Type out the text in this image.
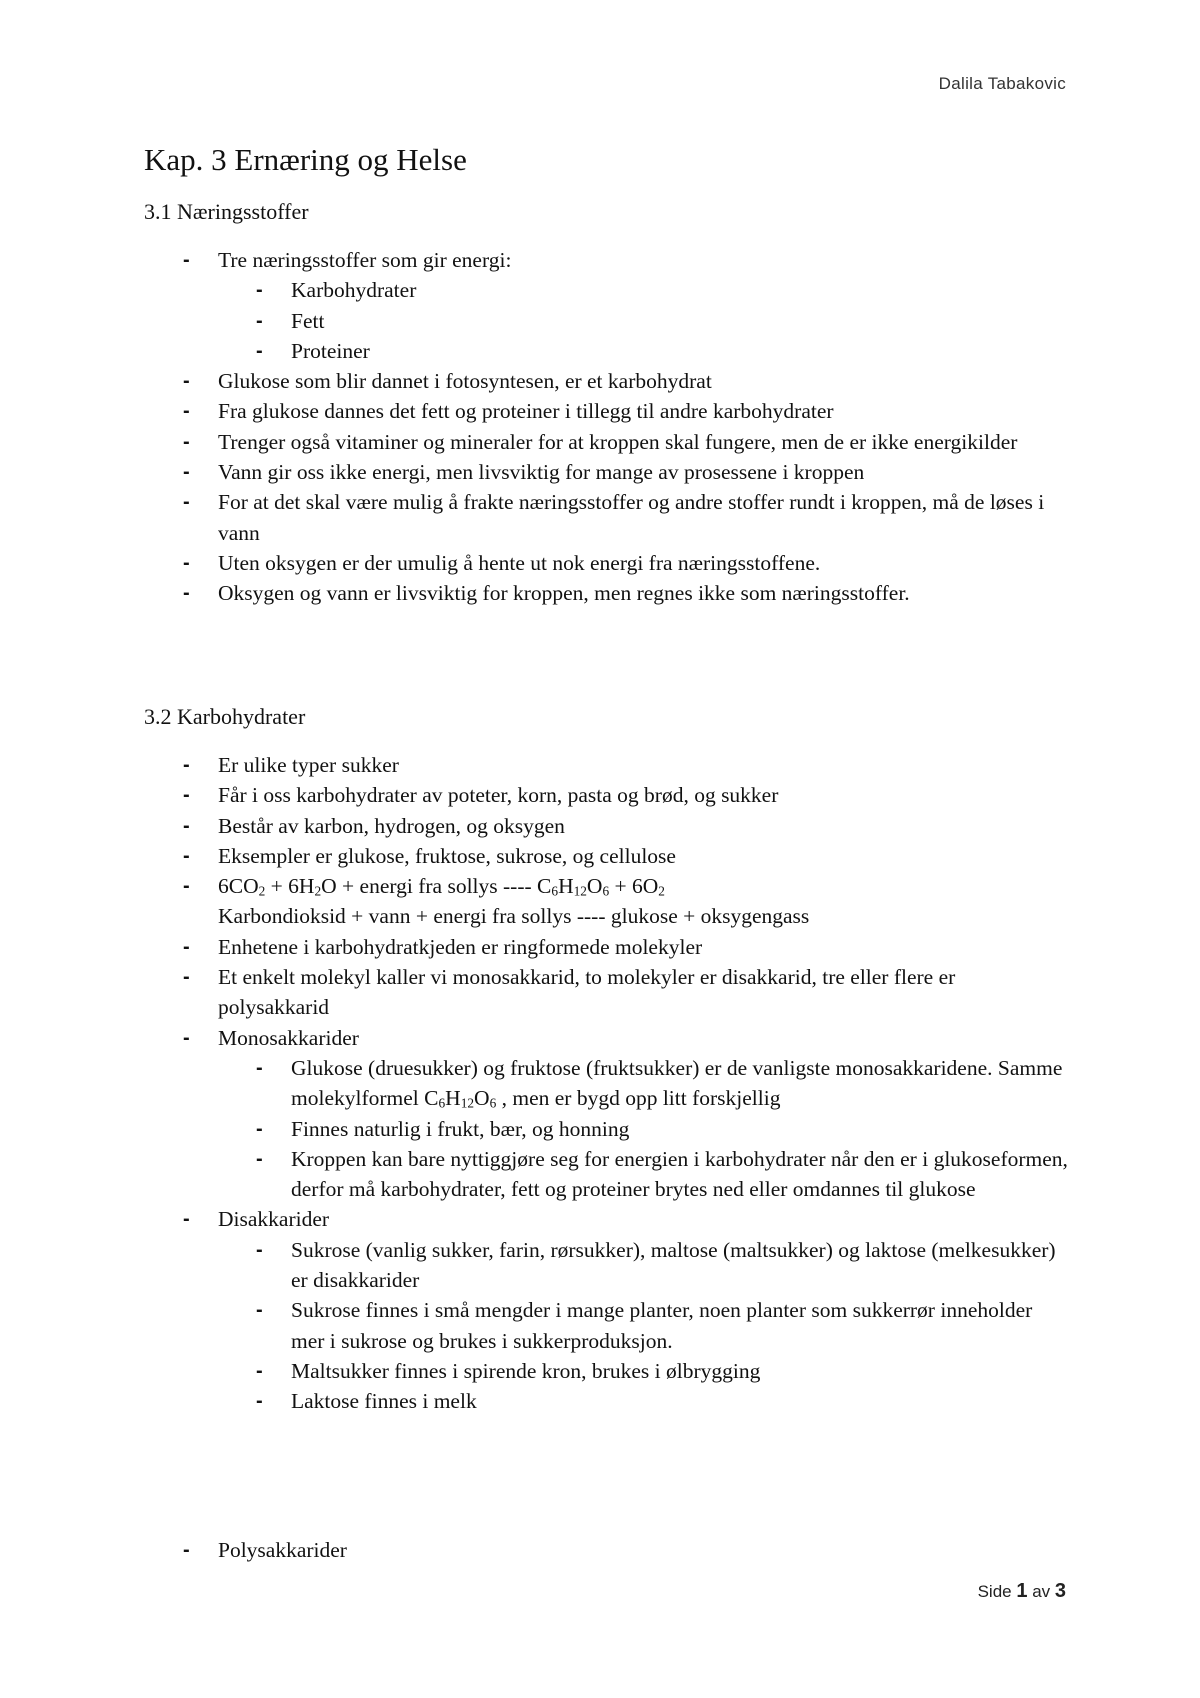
Dalila Tabakovic
Kap. 3 Ernæring og Helse
3.1 Næringsstoffer
- Tre næringsstoffer som gir energi:
- Karbohydrater
- Fett
- Proteiner
- Glukose som blir dannet i fotosyntesen, er et karbohydrat
- Fra glukose dannes det fett og proteiner i tillegg til andre karbohydrater
- Trenger også vitaminer og mineraler for at kroppen skal fungere, men de er ikke energikilder
- Vann gir oss ikke energi, men livsviktig for mange av prosessene i kroppen
- For at det skal være mulig å frakte næringsstoffer og andre stoffer rundt i kroppen, må de løses i vann
- Uten oksygen er der umulig å hente ut nok energi fra næringsstoffene.
- Oksygen og vann er livsviktig for kroppen, men regnes ikke som næringsstoffer.
3.2 Karbohydrater
- Er ulike typer sukker
- Får i oss karbohydrater av poteter, korn, pasta og brød, og sukker
- Består av karbon, hydrogen, og oksygen
- Eksempler er glukose, fruktose, sukrose, og cellulose
- $6CO_2 + 6H_2O$ + energi fra sollys ---- $C_6H_{12}O_6 + 6O_2$
Karbondioksid + vann + energi fra sollys ---- glukose + oksygengass
- Enhetene i karbohydratkjeden er ringformede molekyler
- Et enkelt molekyl kaller vi monosakkarid, to molekyler er disakkarid, tre eller flere er polysakkarid
- Monosakkarider
- Glukose (druesukker) og fruktose (fruktsukker) er de vanligste monosakkaridene. Samme molekylformel $C_6H_{12}O_6$ , men er bygd opp litt forskjellig
- Finnes naturlig i frukt, bær, og honning
- Kroppen kan bare nyttiggjøre seg for energien i karbohydrater når den er i glukoseformen, derfor må karbohydrater, fett og proteiner brytes ned eller omdannes til glukose
- Disakkarider
- Sukrose (vanlig sukker, farin, rørsukker), maltose (maltsukker) og laktose (melkesukker) er disakkarider
- Sukrose finnes i små mengder i mange planter, noen planter som sukkerrør inneholder mer i sukrose og brukes i sukkerproduksjon.
- Maltsukker finnes i spirende kron, brukes i ølbrygging
- Laktose finnes i melk
- Polysakkarider
Side 1 av 3
